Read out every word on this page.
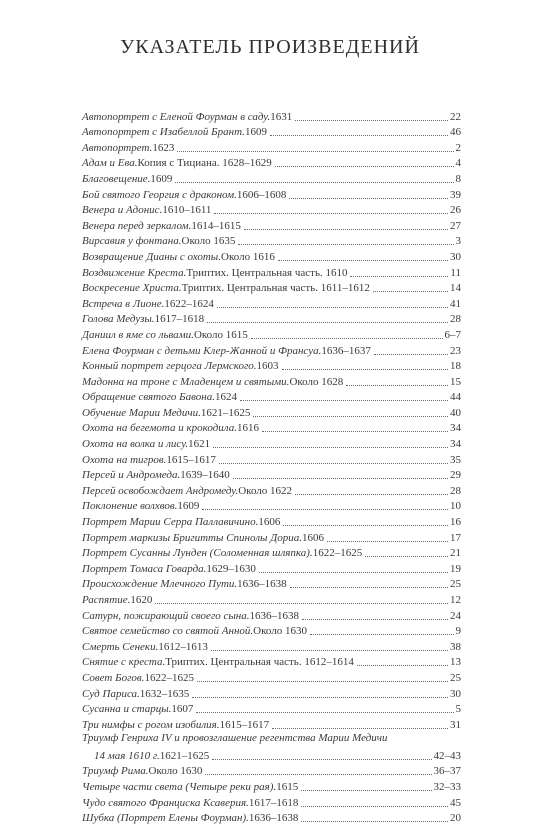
УКАЗАТЕЛЬ ПРОИЗВЕДЕНИЙ
Автопортрет с Еленой Фоурман в саду. 1631	22
Автопортрет с Изабеллой Брант. 1609	46
Автопортрет. 1623	2
Адам и Ева. Копия с Тициана. 1628–1629	4
Благовещение. 1609	8
Бой святого Георгия с драконом. 1606–1608	39
Венера и Адонис. 1610–1611	26
Венера перед зеркалом. 1614–1615	27
Вирсавия у фонтана. Около 1635	3
Возвращение Дианы с охоты. Около 1616	30
Воздвижение Креста. Триптих. Центральная часть. 1610	11
Воскресение Христа. Триптих. Центральная часть. 1611–1612	14
Встреча в Лионе. 1622–1624	41
Голова Медузы. 1617–1618	28
Даниил в яме со львами. Около 1615	6–7
Елена Фоурман с детьми Клер-Жанной и Франсуа. 1636–1637	23
Конный портрет герцога Лермского. 1603	18
Мадонна на троне с Младенцем и святыми. Около 1628	15
Обращение святого Бавона. 1624	44
Обучение Марии Медичи. 1621–1625	40
Охота на бегемота и крокодила. 1616	34
Охота на волка и лису. 1621	34
Охота на тигров. 1615–1617	35
Персей и Андромеда. 1639–1640	29
Персей освобождает Андромеду. Около 1622	28
Поклонение волхвов. 1609	10
Портрет Марии Серра Паллавичино. 1606	16
Портрет маркизы Бригитты Спинолы Дориа. 1606	17
Портрет Сусанны Лунден (Соломенная шляпка). 1622–1625	21
Портрет Томаса Говарда. 1629–1630	19
Происхождение Млечного Пути. 1636–1638	25
Распятие. 1620	12
Сатурн, пожирающий своего сына. 1636–1638	24
Святое семейство со святой Анной. Около 1630	9
Смерть Сенеки. 1612–1613	38
Снятие с креста. Триптих. Центральная часть. 1612–1614	13
Совет Богов. 1622–1625	25
Суд Париса. 1632–1635	30
Сусанна и старцы. 1607	5
Три нимфы с рогом изобилия. 1615–1617	31
Триумф Генриха IV и провозглашение регентства Марии Медичи
14 мая 1610 г. 1621–1625	42–43
Триумф Рима. Около 1630	36–37
Четыре части света (Четыре реки рая). 1615	32–33
Чудо святого Франциска Ксаверия. 1617–1618	45
Шубка (Портрет Елены Фоурман). 1636–1638	20
